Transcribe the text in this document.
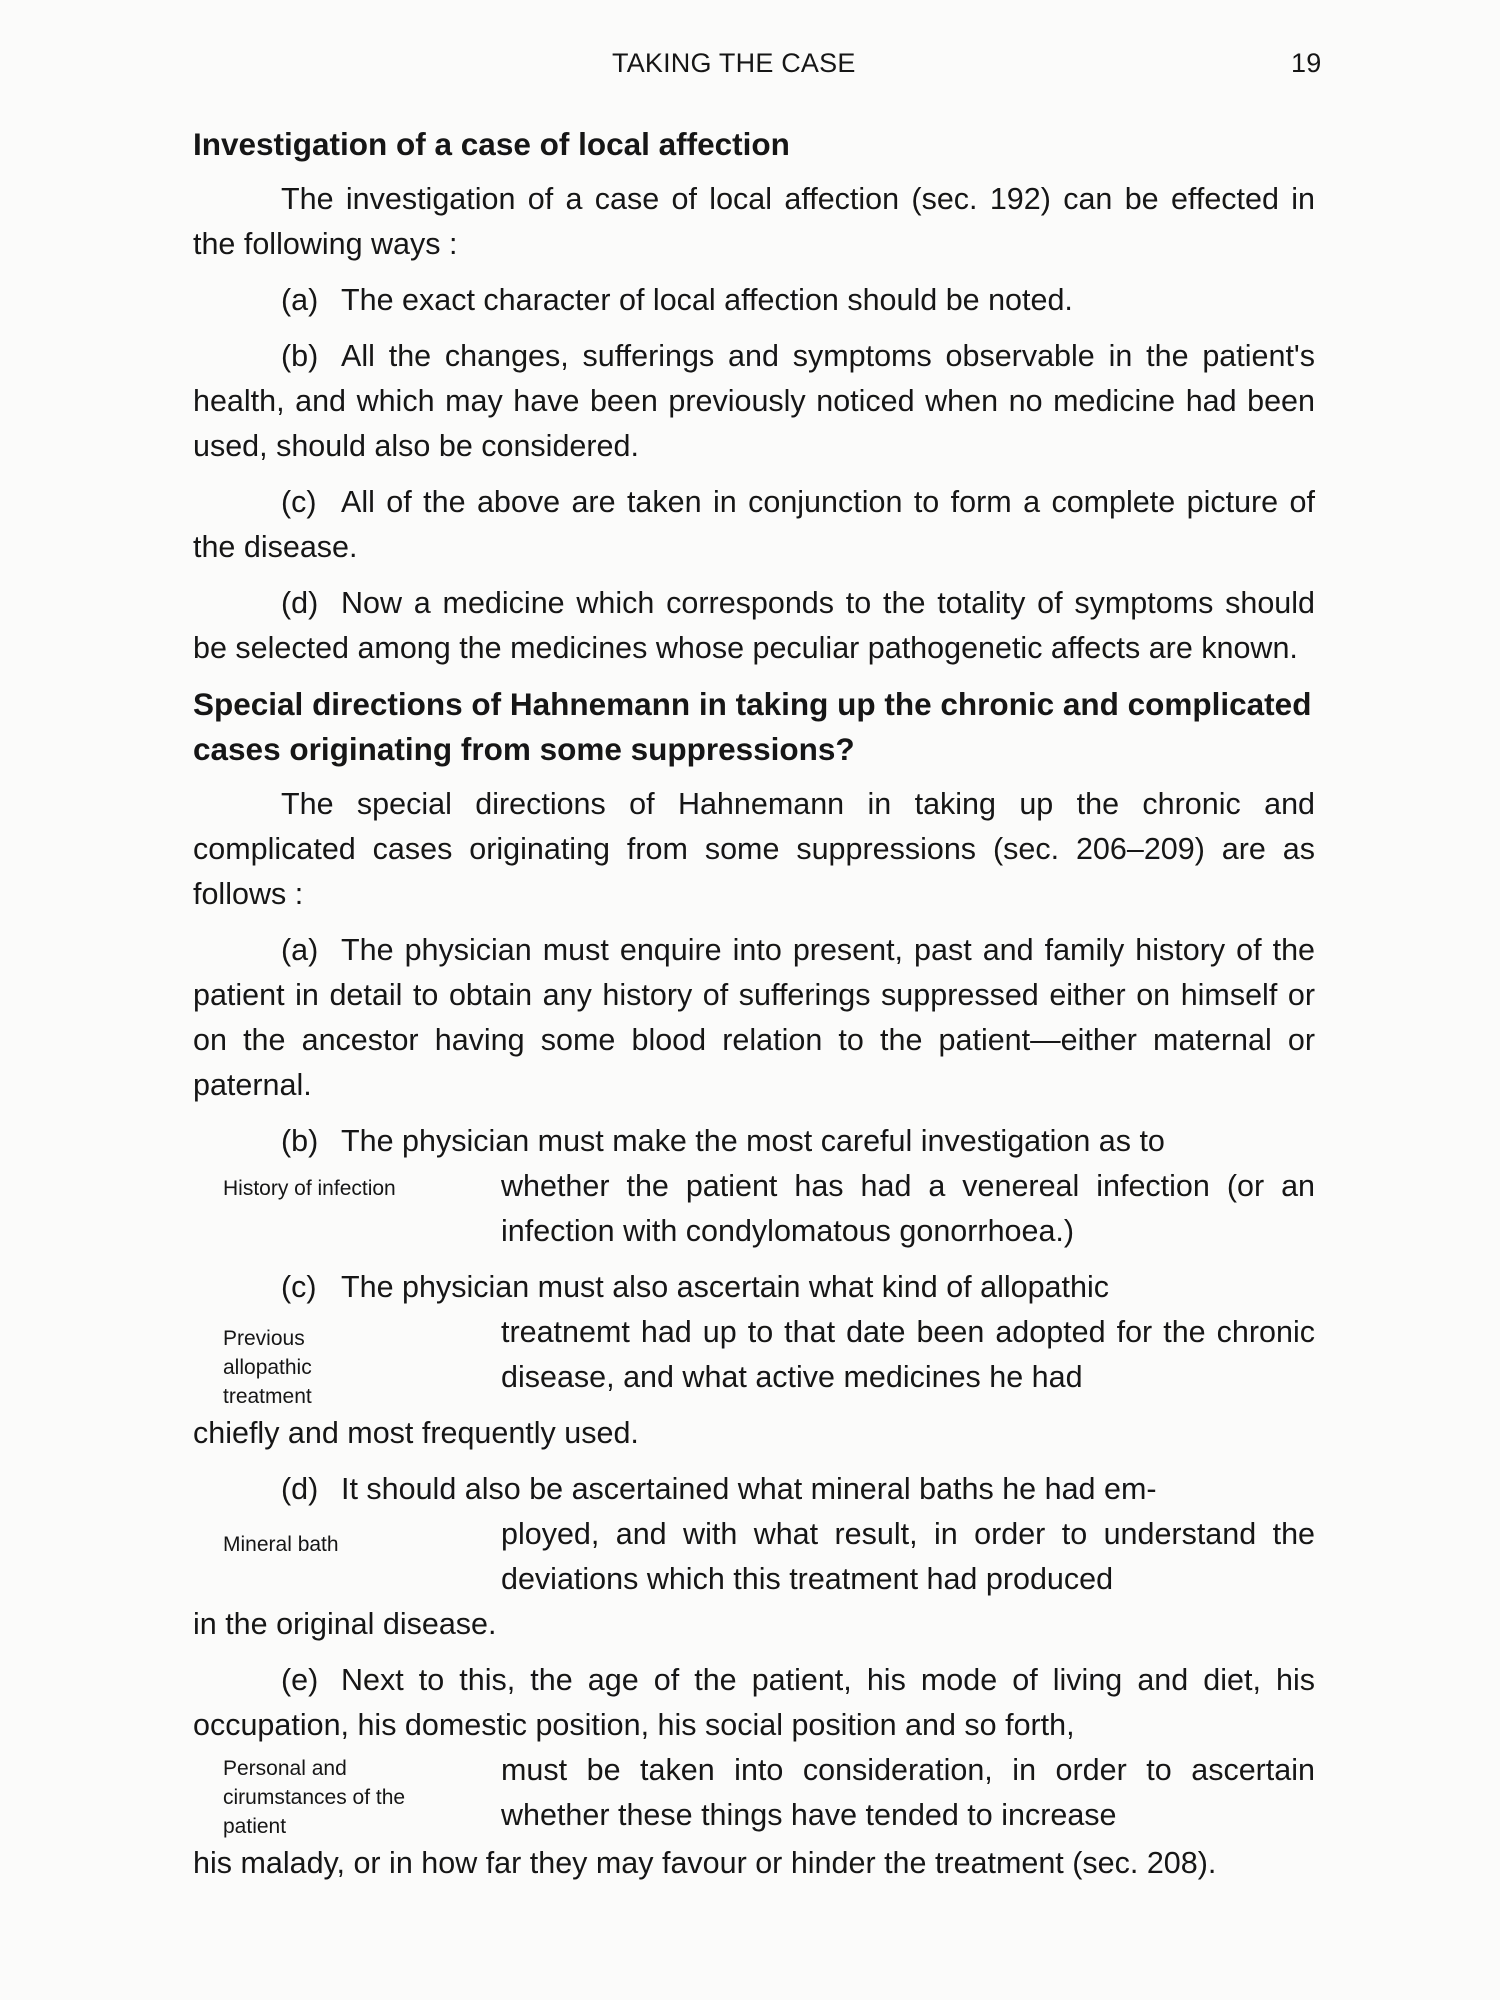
TAKING THE CASE	19
Investigation of a case of local affection
The investigation of a case of local affection (sec. 192) can be effected in the following ways :
(a) The exact character of local affection should be noted.
(b) All the changes, sufferings and symptoms observable in the patient's health, and which may have been previously noticed when no medicine had been used, should also be considered.
(c) All of the above are taken in conjunction to form a complete picture of the disease.
(d) Now a medicine which corresponds to the totality of symptoms should be selected among the medicines whose peculiar pathogenetic affects are known.
Special directions of Hahnemann in taking up the chronic and complicated cases originating from some suppressions?
The special directions of Hahnemann in taking up the chronic and complicated cases originating from some suppressions (sec. 206–209) are as follows :
(a) The physician must enquire into present, past and family history of the patient in detail to obtain any history of sufferings suppressed either on himself or on the ancestor having some blood relation to the patient—either maternal or paternal.
(b) The physician must make the most careful investigation as to
History of infection	whether the patient has had a venereal infection (or an infection with condylomatous gonorrhoea.)
(c) The physician must also ascertain what kind of allopathic
Previous allopathic treatment
treatnemt had up to that date been adopted for the chronic disease, and what active medicines he had
chiefly and most frequently used.
(d) It should also be ascertained what mineral baths he had em-
Mineral bath	ployed, and with what result, in order to understand the deviations which this treatment had produced
in the original disease.
(e) Next to this, the age of the patient, his mode of living and diet, his occupation, his domestic position, his social position and so forth,
Personal and cirumstances of the patient
must be taken into consideration, in order to ascertain whether these things have tended to increase
his malady, or in how far they may favour or hinder the treatment (sec. 208).
